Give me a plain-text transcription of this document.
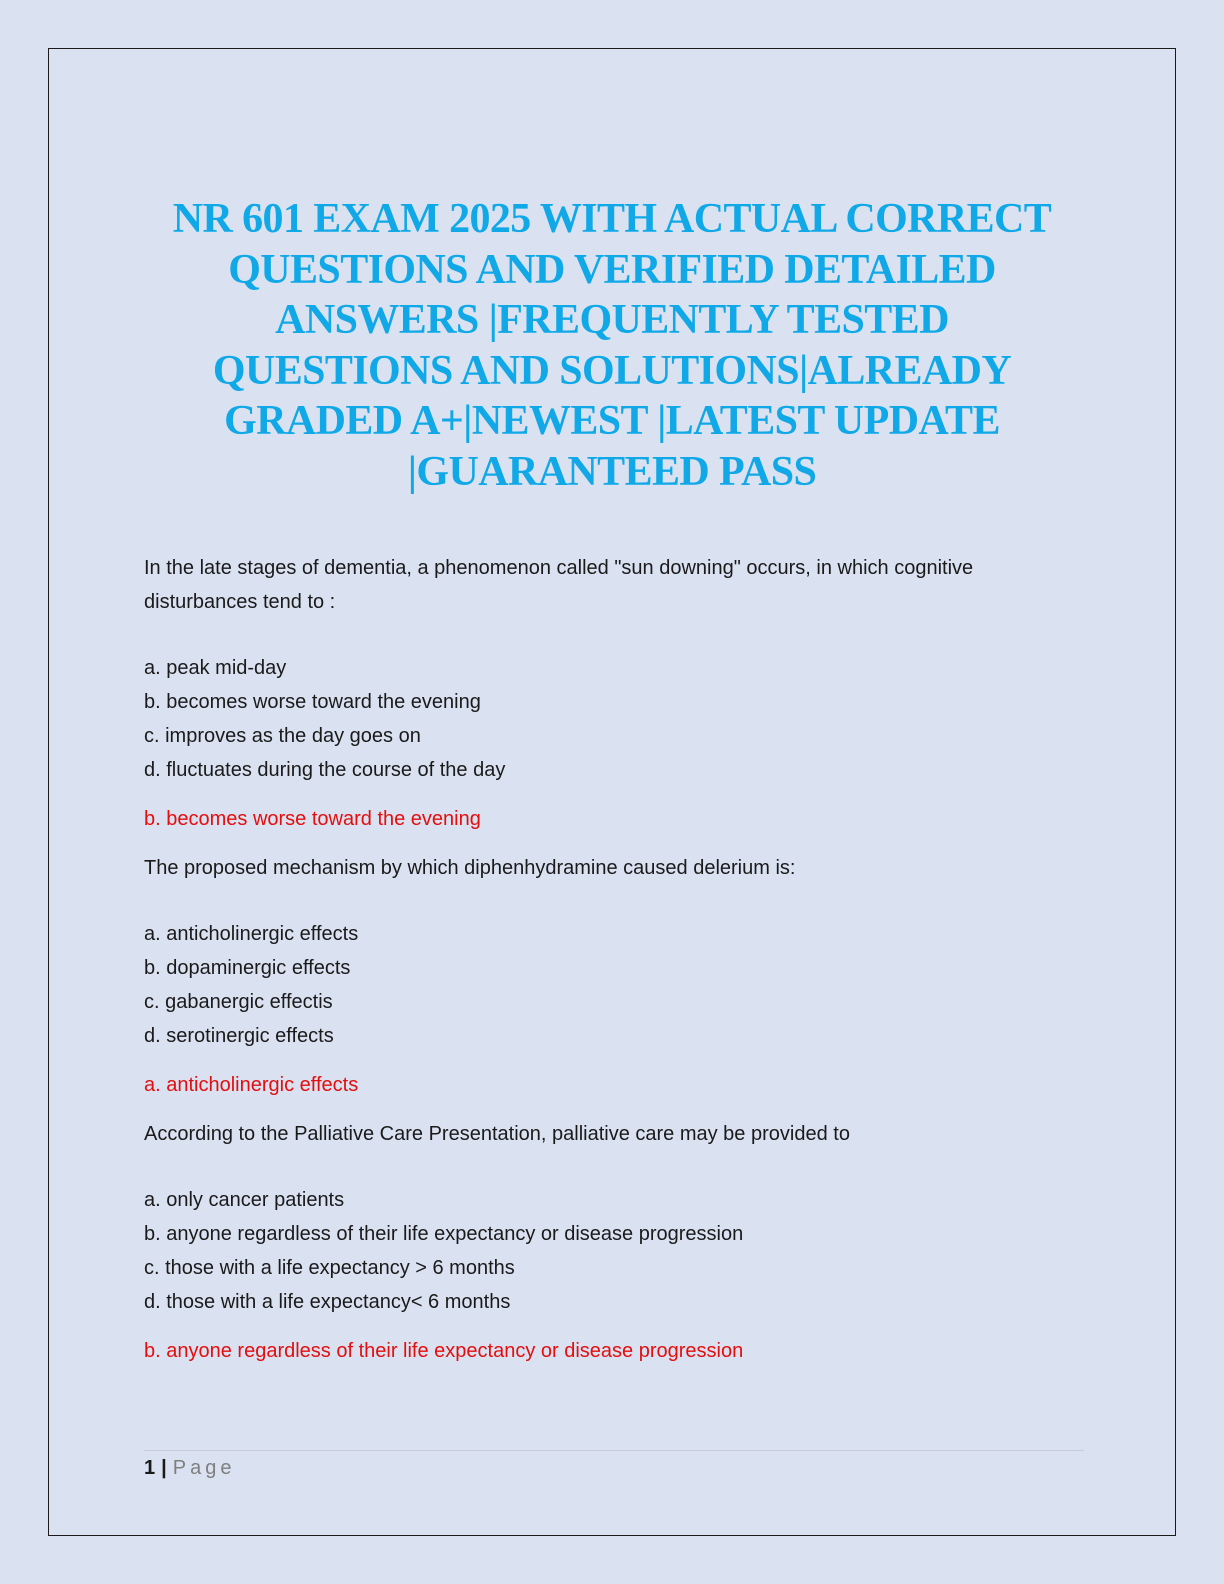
NR 601 EXAM 2025 WITH ACTUAL CORRECT
QUESTIONS AND VERIFIED DETAILED
ANSWERS |FREQUENTLY TESTED
QUESTIONS AND SOLUTIONS|ALREADY
GRADED A+|NEWEST |LATEST UPDATE
|GUARANTEED PASS

In the late stages of dementia, a phenomenon called "sun downing" occurs, in which cognitive disturbances tend to :

a. peak mid-day
b. becomes worse toward the evening
c. improves as the day goes on
d. fluctuates during the course of the day

b. becomes worse toward the evening

The proposed mechanism by which diphenhydramine caused delerium is:

a. anticholinergic effects
b. dopaminergic effects
c. gabanergic effectis
d. serotinergic effects

a. anticholinergic effects

According to the Palliative Care Presentation, palliative care may be provided to

a. only cancer patients
b. anyone regardless of their life expectancy or disease progression
c. those with a life expectancy > 6 months
d. those with a life expectancy< 6 months

b. anyone regardless of their life expectancy or disease progression

1 | Page
